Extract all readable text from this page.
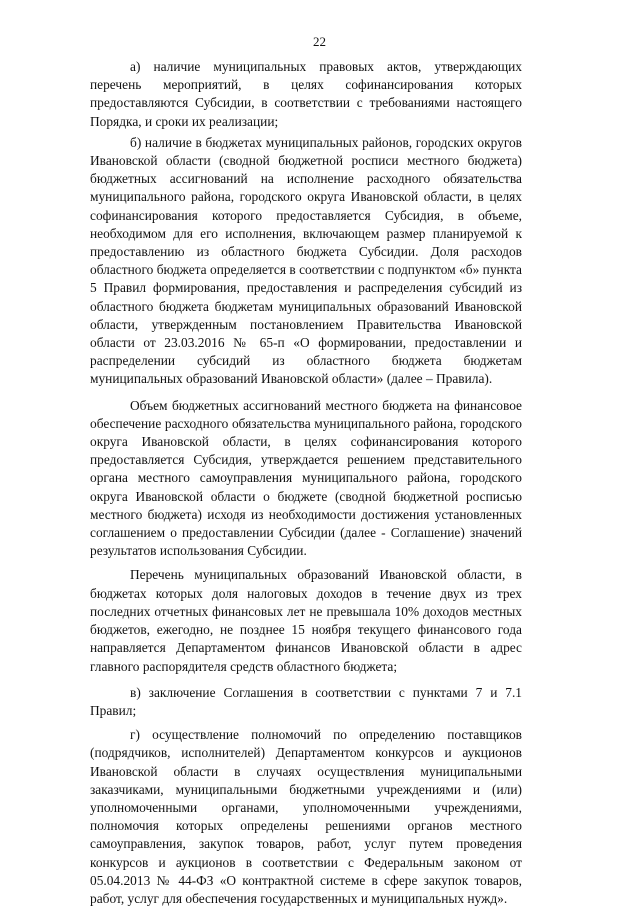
22

а) наличие муниципальных правовых актов, утверждающих перечень мероприятий, в целях софинансирования которых предоставляются Субсидии, в соответствии с требованиями настоящего Порядка, и сроки их реализации;

б) наличие в бюджетах муниципальных районов, городских округов Ивановской области (сводной бюджетной росписи местного бюджета) бюджетных ассигнований на исполнение расходного обязательства муниципального района, городского округа Ивановской области, в целях софинансирования которого предоставляется Субсидия, в объеме, необходимом для его исполнения, включающем размер планируемой к предоставлению из областного бюджета Субсидии. Доля расходов областного бюджета определяется в соответствии с подпунктом «б» пункта 5 Правил формирования, предоставления и распределения субсидий из областного бюджета бюджетам муниципальных образований Ивановской области, утвержденным постановлением Правительства Ивановской области от 23.03.2016 № 65-п «О формировании, предоставлении и распределении субсидий из областного бюджета бюджетам муниципальных образований Ивановской области» (далее – Правила).

Объем бюджетных ассигнований местного бюджета на финансовое обеспечение расходного обязательства муниципального района, городского округа Ивановской области, в целях софинансирования которого предоставляется Субсидия, утверждается решением представительного органа местного самоуправления муниципального района, городского округа Ивановской области о бюджете (сводной бюджетной росписью местного бюджета) исходя из необходимости достижения установленных соглашением о предоставлении Субсидии (далее - Соглашение) значений результатов использования Субсидии.

Перечень муниципальных образований Ивановской области, в бюджетах которых доля налоговых доходов в течение двух из трех последних отчетных финансовых лет не превышала 10% доходов местных бюджетов, ежегодно, не позднее 15 ноября текущего финансового года направляется Департаментом финансов Ивановской области в адрес главного распорядителя средств областного бюджета;

в) заключение Соглашения в соответствии с пунктами 7 и 7.1 Правил;

г) осуществление полномочий по определению поставщиков (подрядчиков, исполнителей) Департаментом конкурсов и аукционов Ивановской области в случаях осуществления муниципальными заказчиками, муниципальными бюджетными учреждениями и (или) уполномоченными органами, уполномоченными учреждениями, полномочия которых определены решениями органов местного самоуправления, закупок товаров, работ, услуг путем проведения конкурсов и аукционов в соответствии с Федеральным законом от 05.04.2013 № 44-ФЗ «О контрактной системе в сфере закупок товаров, работ, услуг для обеспечения государственных и муниципальных нужд».
